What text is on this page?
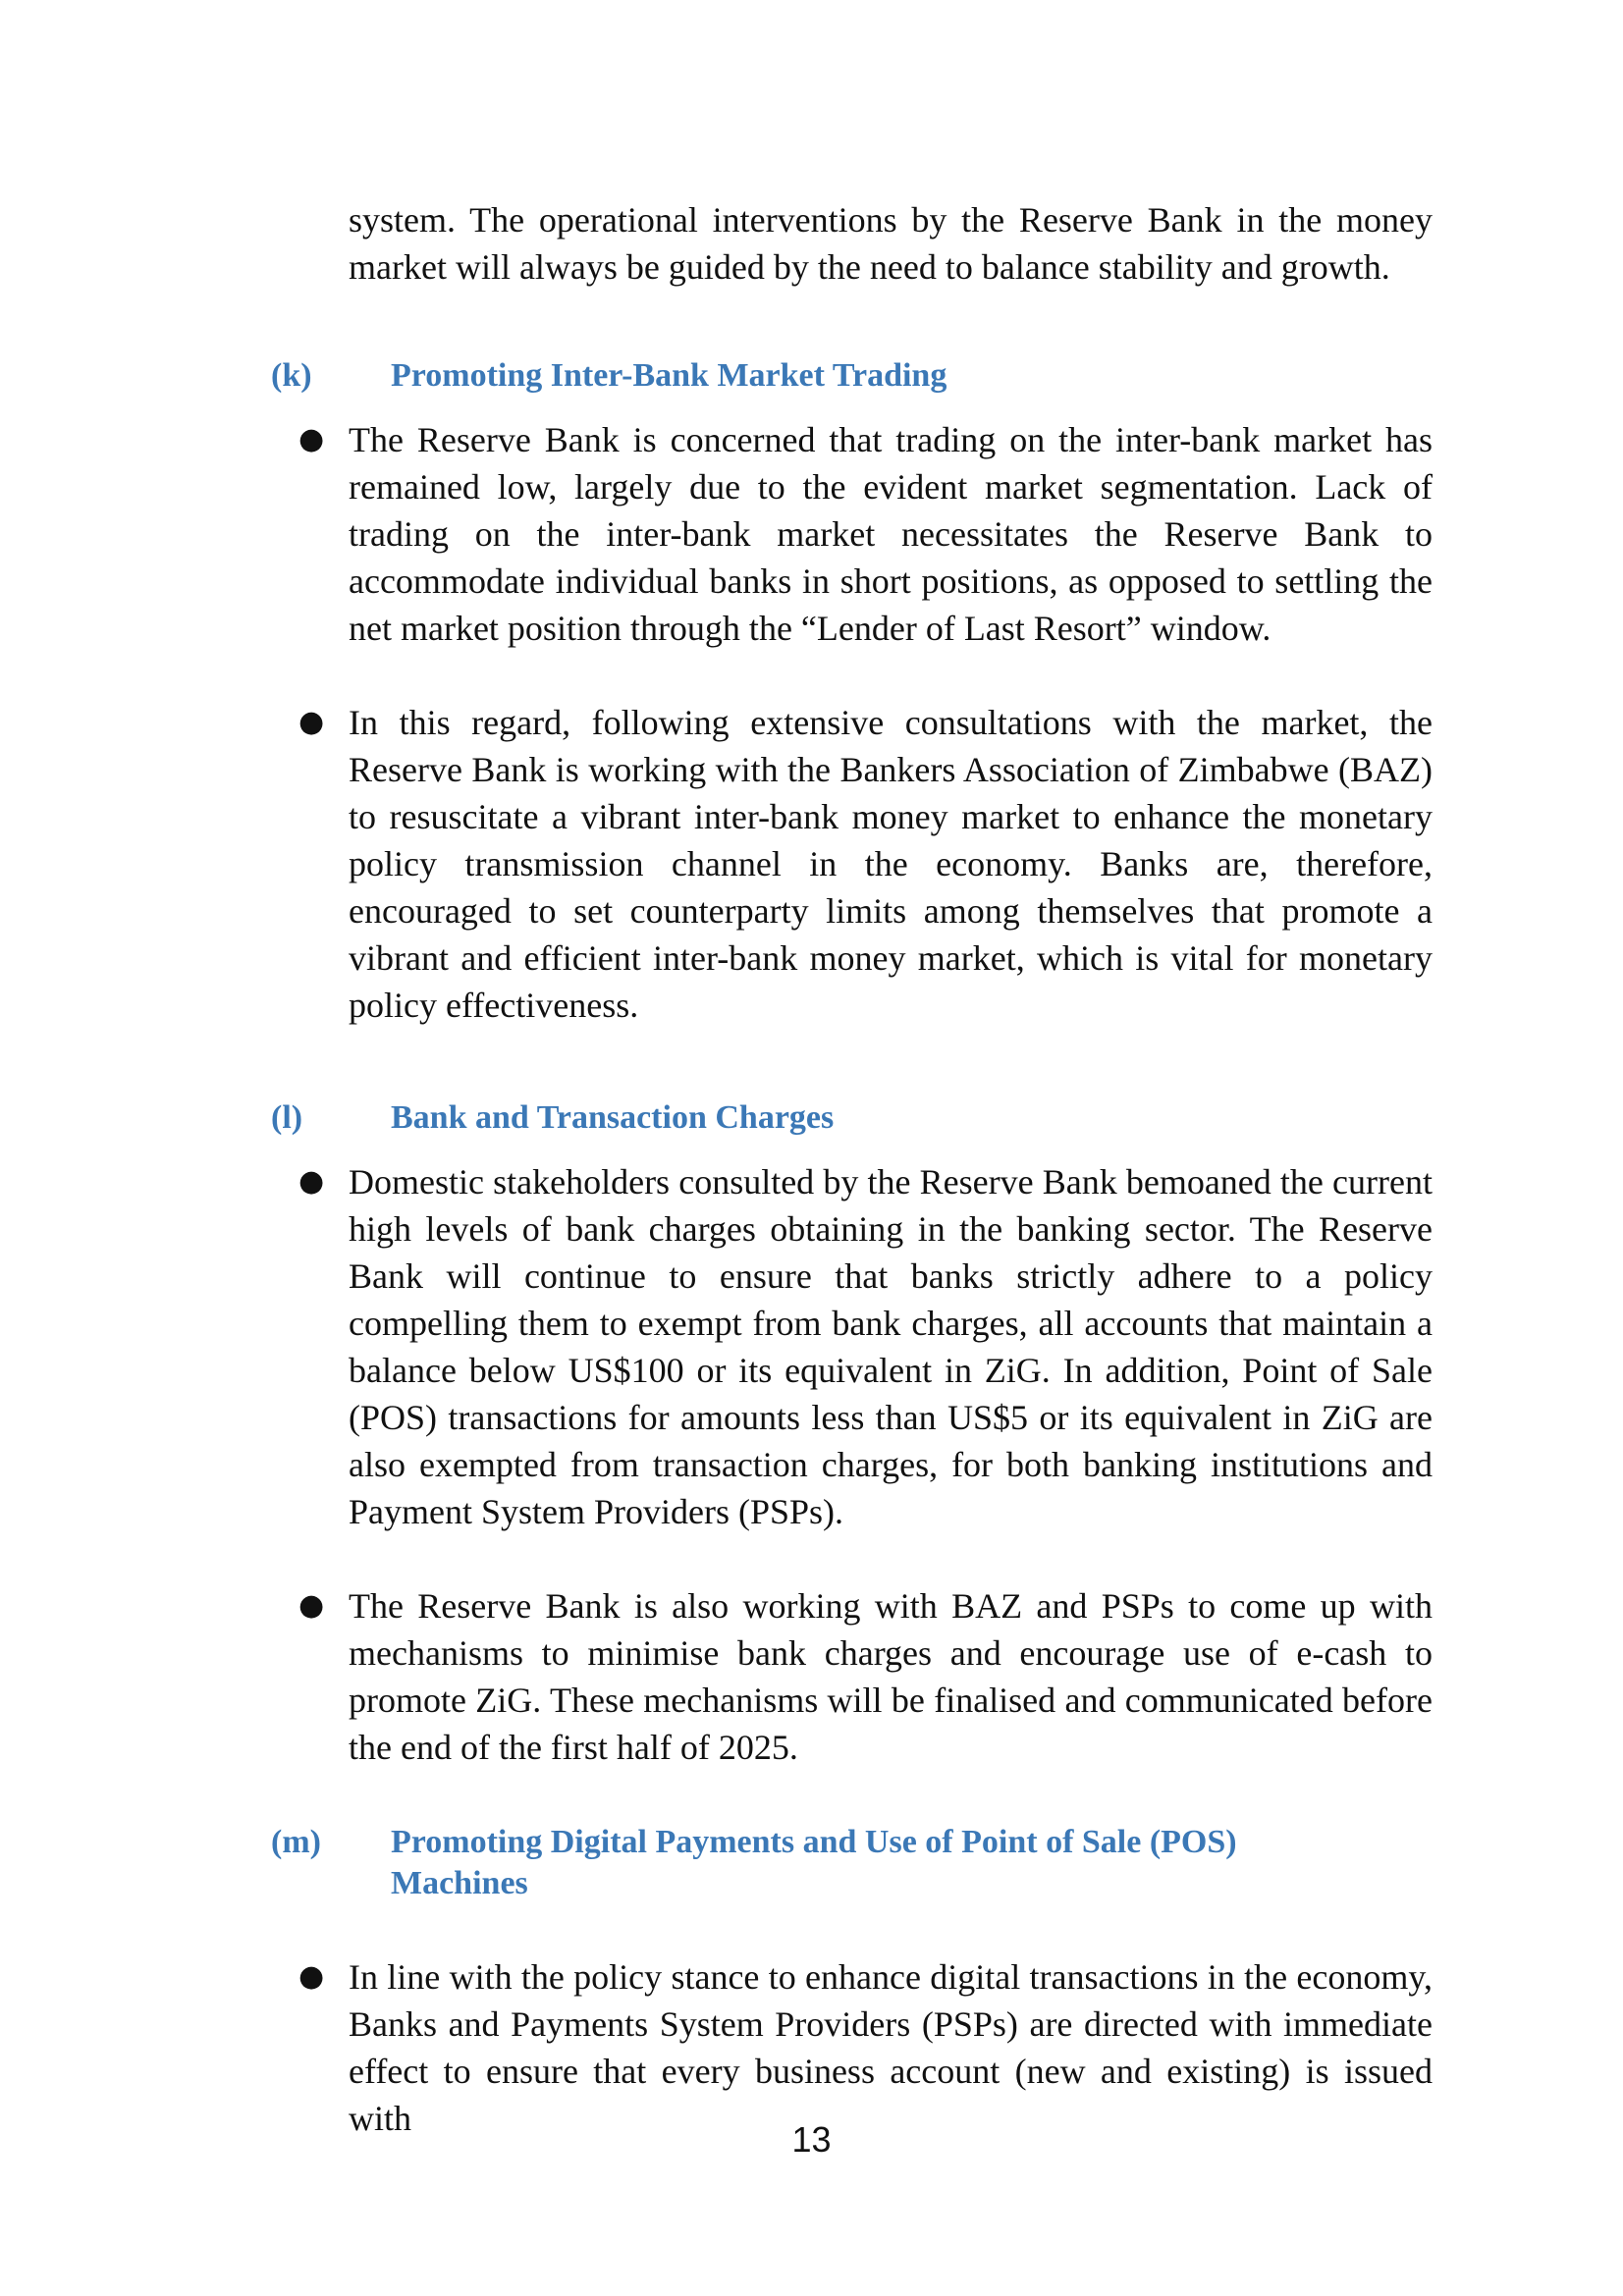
system. The operational interventions by the Reserve Bank in the money market will always be guided by the need to balance stability and growth.

(k) Promoting Inter-Bank Market Trading
● The Reserve Bank is concerned that trading on the inter-bank market has remained low, largely due to the evident market segmentation. Lack of trading on the inter-bank market necessitates the Reserve Bank to accommodate individual banks in short positions, as opposed to settling the net market position through the “Lender of Last Resort” window.

● In this regard, following extensive consultations with the market, the Reserve Bank is working with the Bankers Association of Zimbabwe (BAZ) to resuscitate a vibrant inter-bank money market to enhance the monetary policy transmission channel in the economy. Banks are, therefore, encouraged to set counterparty limits among themselves that promote a vibrant and efficient inter-bank money market, which is vital for monetary policy effectiveness.

(l)	Bank and Transaction Charges
● Domestic stakeholders consulted by the Reserve Bank bemoaned the current high levels of bank charges obtaining in the banking sector. The Reserve Bank will continue to ensure that banks strictly adhere to a policy compelling them to exempt from bank charges, all accounts that maintain a balance below US$100 or its equivalent in ZiG. In addition, Point of Sale (POS) transactions for amounts less than US$5 or its equivalent in ZiG are also exempted from transaction charges, for both banking institutions and Payment System Providers (PSPs).

● The Reserve Bank is also working with BAZ and PSPs to come up with mechanisms to minimise bank charges and encourage use of e-cash to promote ZiG. These mechanisms will be finalised and communicated before the end of the first half of 2025.

(m) Promoting Digital Payments and Use of Point of Sale (POS)
Machines
● In line with the policy stance to enhance digital transactions in the economy, Banks and Payments System Providers (PSPs) are directed with immediate effect to ensure that every business account (new and existing) is issued with

13
